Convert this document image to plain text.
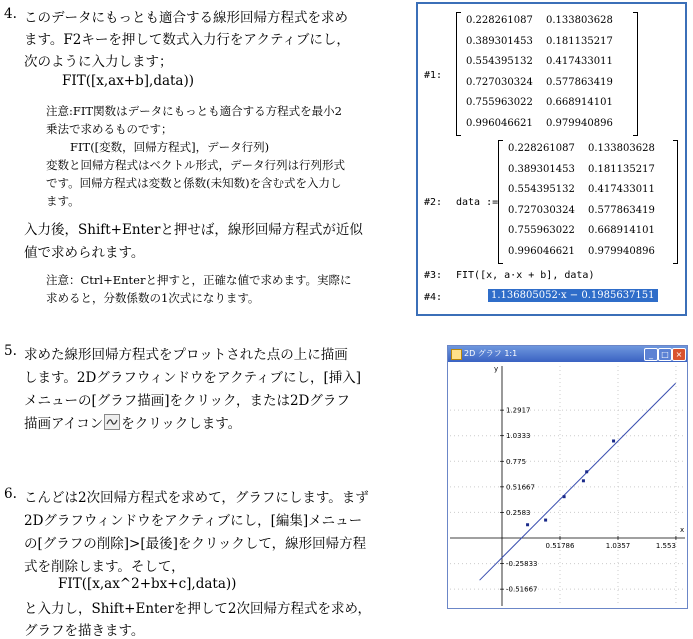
4. このデータにもっとも適合する線形回帰方程式を求め
ます。F2キーを押して数式入力行をアクティブにし，
次のように入力します；
FIT([x,ax+b],data))
注意:FIT関数はデータにもっとも適合する方程式を最小2
乗法で求めるものです；
FIT([変数，回帰方程式]，データ行列)
変数と回帰方程式はベクトル形式，データ行列は行列形式
です。回帰方程式は変数と係数(未知数)を含む式を入力し
ます。
入力後，Shift+Enterと押せば，線形回帰方程式が近似
値で求められます。
注意：Ctrl+Enterと押すと，正確な値で求めます。実際に
求めると，分数係数の1次式になります。
5. 求めた線形回帰方程式をプロットされた点の上に描画
します。2Dグラフウィンドウをアクティブにし，[挿入]
メニューの[グラフ描画]をクリック，または2Dグラフ
描画アイコン をクリックします。
6. こんどは2次回帰方程式を求めて，グラフにします。まず
2Dグラフウィンドウをアクティブにし，[編集]メニュー
の[グラフの削除]>[最後]をクリックして，線形回帰方程
式を削除します。そして，
FIT([x,ax^2+bx+c],data))
と入力し，Shift+Enterを押して2次回帰方程式を求め，
グラフを描きます。
#1:
0.228261087 0.133803628
0.389301453 0.181135217
0.554395132 0.417433011
0.727030324 0.577863419
0.755963022 0.668914101
0.996046621 0.979940896
#2: data :=
0.228261087 0.133803628
0.389301453 0.181135217
0.554395132 0.417433011
0.727030324 0.577863419
0.755963022 0.668914101
0.996046621 0.979940896
#3: FIT([x, a·x + b], data)
#4:	1.136805052·x − 0.1985637151
2D グラフ 1:1	_	□ ×
1.2917
1.0333
0.775
0.51667
0.2583
-0.25833
-0.51667
0.51786	1.0357	1.553
y
x
